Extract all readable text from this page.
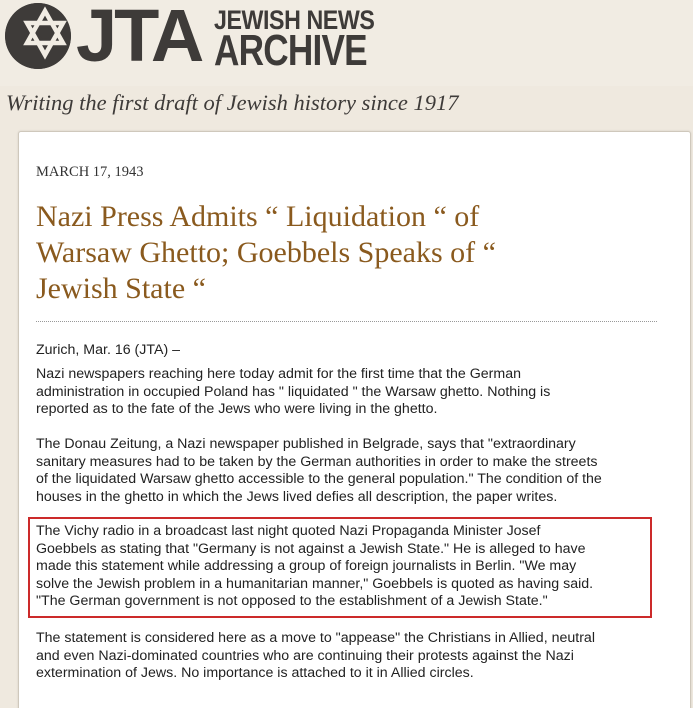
JTA JEWISH NEWS
ARCHIVE
Writing the first draft of Jewish history since 1917
MARCH 17, 1943
Nazi Press Admits “ Liquidation “ of
Warsaw Ghetto; Goebbels Speaks of “
Jewish State “

Zurich, Mar. 16 (JTA) –

Nazi newspapers reaching here today admit for the first time that the German
administration in occupied Poland has " liquidated " the Warsaw ghetto. Nothing is
reported as to the fate of the Jews who were living in the ghetto.

The Donau Zeitung, a Nazi newspaper published in Belgrade, says that "extraordinary
sanitary measures had to be taken by the German authorities in order to make the streets
of the liquidated Warsaw ghetto accessible to the general population." The condition of the
houses in the ghetto in which the Jews lived defies all description, the paper writes.

The Vichy radio in a broadcast last night quoted Nazi Propaganda Minister Josef
Goebbels as stating that "Germany is not against a Jewish State." He is alleged to have
made this statement while addressing a group of foreign journalists in Berlin. "We may
solve the Jewish problem in a humanitarian manner," Goebbels is quoted as having said.
"The German government is not opposed to the establishment of a Jewish State."

The statement is considered here as a move to "appease" the Christians in Allied, neutral
and even Nazi-dominated countries who are continuing their protests against the Nazi
extermination of Jews. No importance is attached to it in Allied circles.
